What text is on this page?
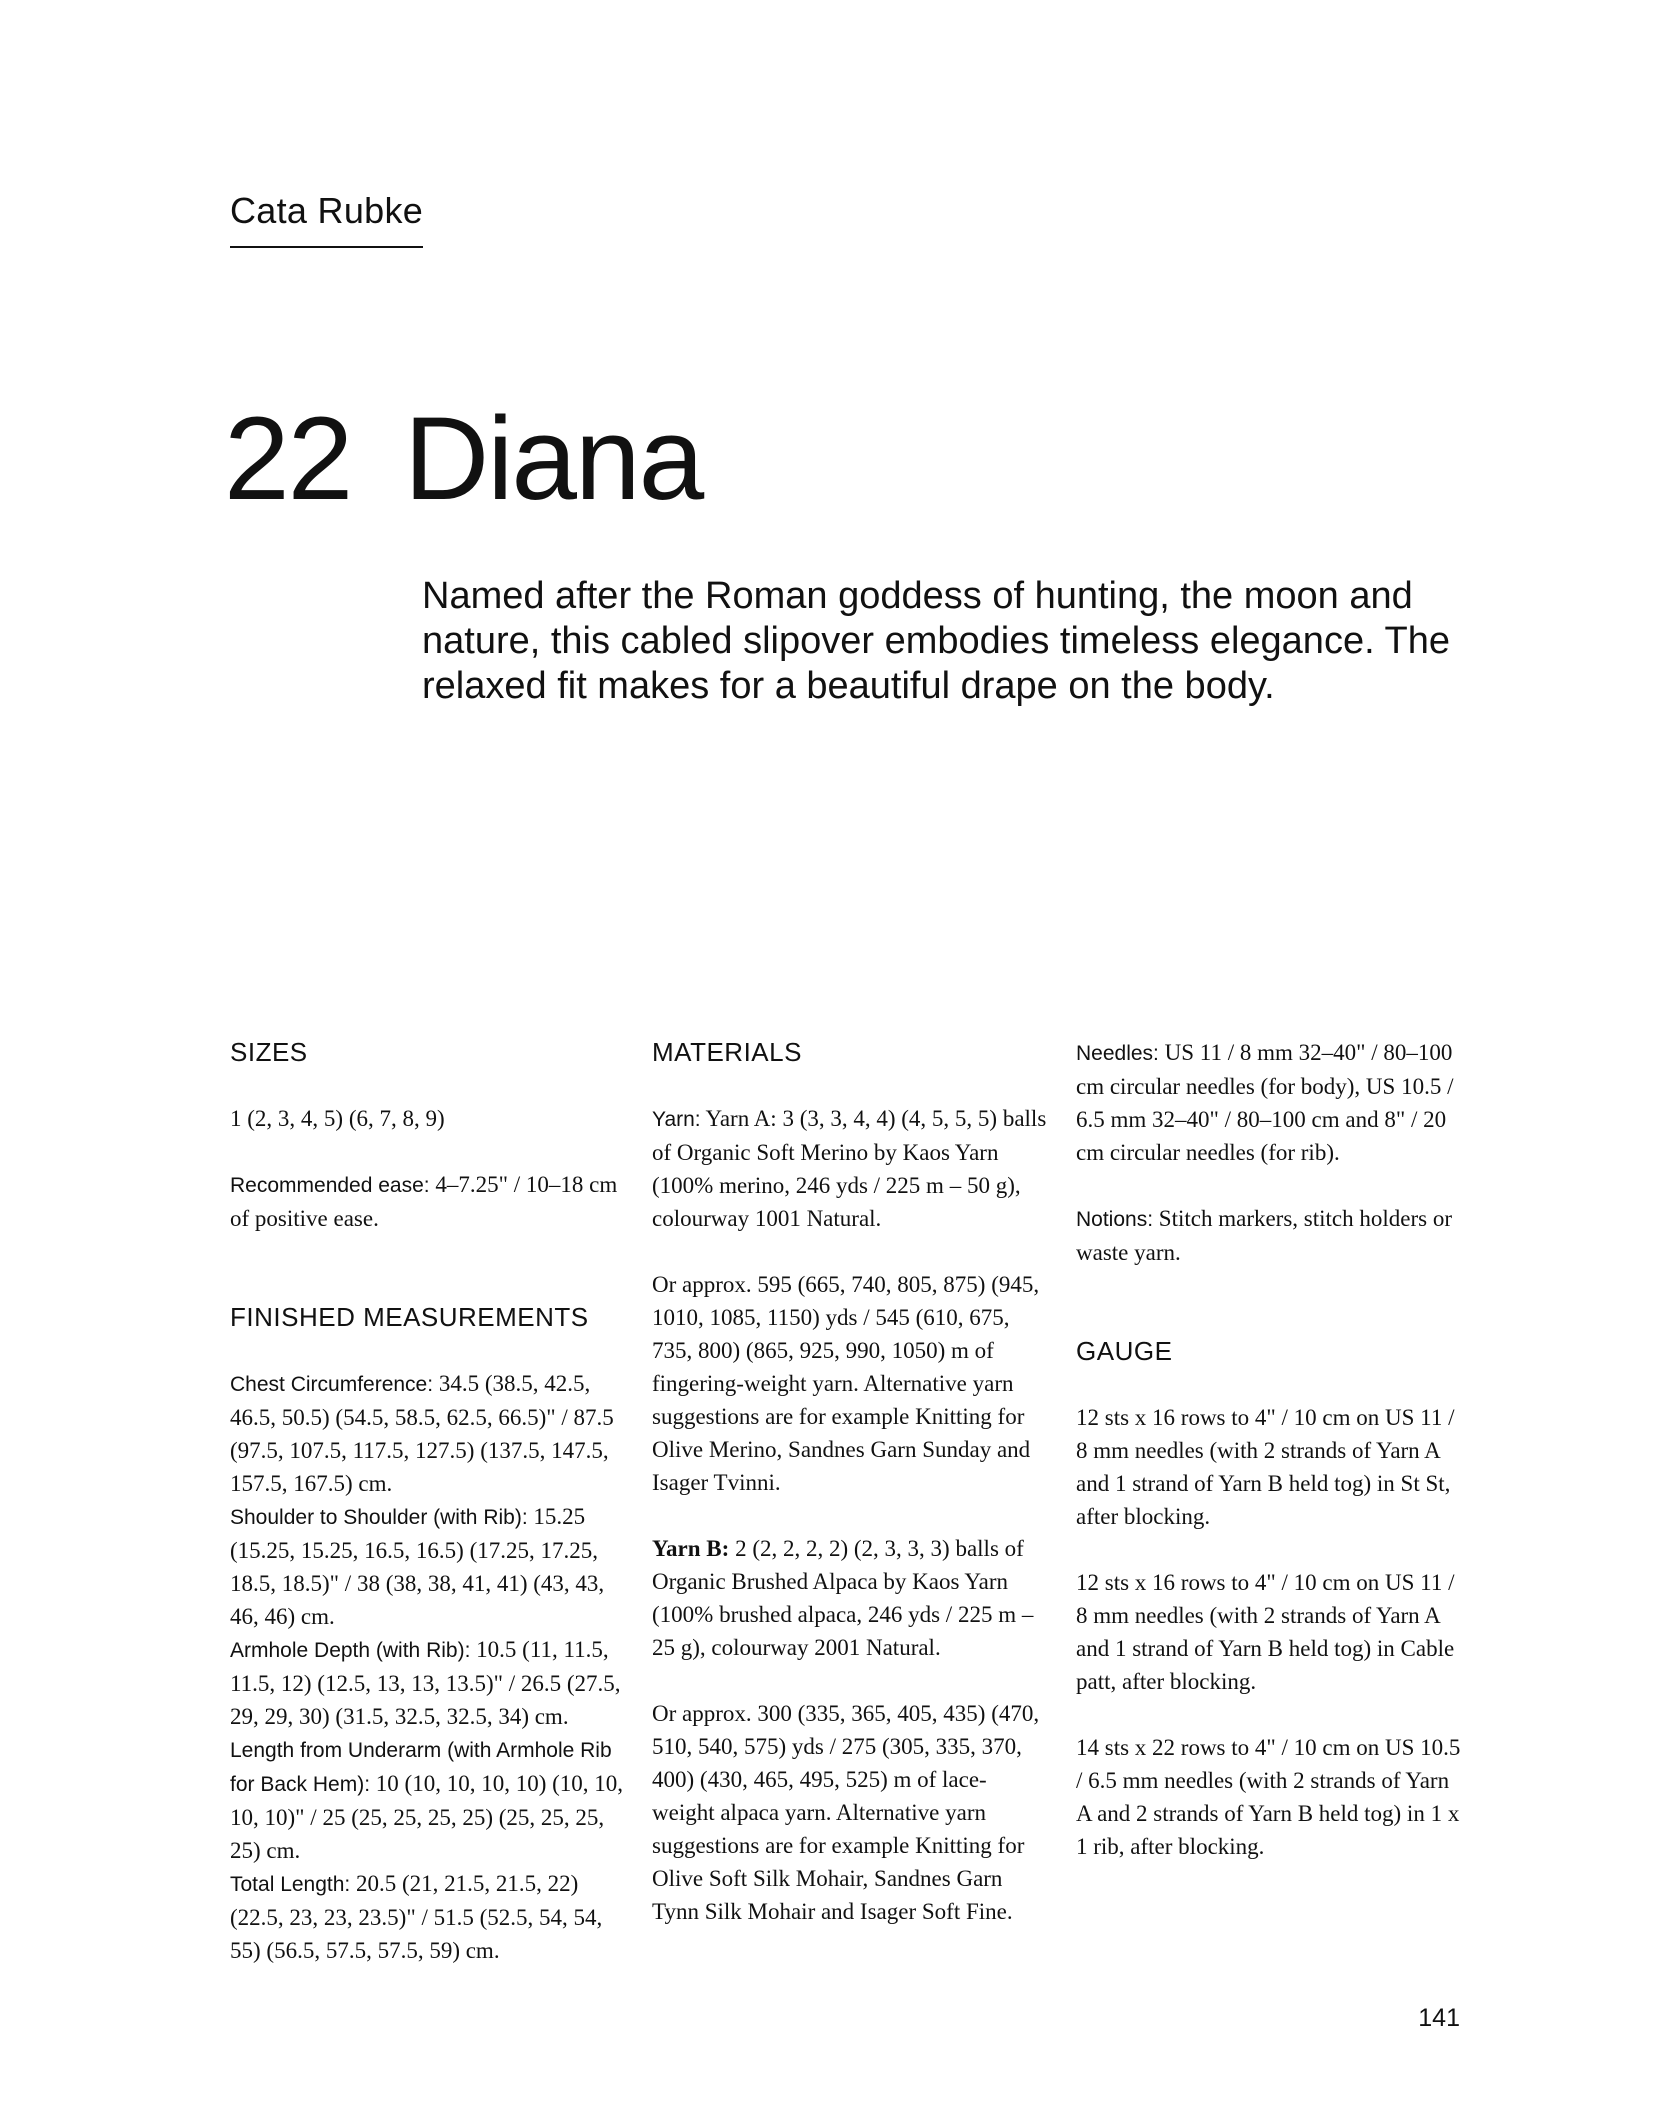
Cata Rubke
22 Diana

Named after the Roman goddess of hunting, the moon and nature, this cabled slipover embodies timeless elegance. The relaxed fit makes for a beautiful drape on the body.

SIZES

1 (2, 3, 4, 5) (6, 7, 8, 9)

Recommended ease: 4–7.25" / 10–18 cm of positive ease.

FINISHED MEASUREMENTS

Chest Circumference: 34.5 (38.5, 42.5, 46.5, 50.5) (54.5, 58.5, 62.5, 66.5)" / 87.5 (97.5, 107.5, 117.5, 127.5) (137.5, 147.5, 157.5, 167.5) cm.

Shoulder to Shoulder (with Rib): 15.25 (15.25, 15.25, 16.5, 16.5) (17.25, 17.25, 18.5, 18.5)" / 38 (38, 38, 41, 41) (43, 43, 46, 46) cm.

Armhole Depth (with Rib): 10.5 (11, 11.5, 11.5, 12) (12.5, 13, 13, 13.5)" / 26.5 (27.5, 29, 29, 30) (31.5, 32.5, 32.5, 34) cm.

Length from Underarm (with Armhole Rib for Back Hem): 10 (10, 10, 10, 10) (10, 10, 10, 10)" / 25 (25, 25, 25, 25) (25, 25, 25, 25) cm.

Total Length: 20.5 (21, 21.5, 21.5, 22) (22.5, 23, 23, 23.5)" / 51.5 (52.5, 54, 54, 55) (56.5, 57.5, 57.5, 59) cm.

MATERIALS

Yarn: Yarn A: 3 (3, 3, 4, 4) (4, 5, 5, 5) balls of Organic Soft Merino by Kaos Yarn (100% merino, 246 yds / 225 m – 50 g), colourway 1001 Natural.

Or approx. 595 (665, 740, 805, 875) (945, 1010, 1085, 1150) yds / 545 (610, 675, 735, 800) (865, 925, 990, 1050) m of fingering-weight yarn. Alternative yarn suggestions are for example Knitting for Olive Merino, Sandnes Garn Sunday and Isager Tvinni.

Yarn B: 2 (2, 2, 2, 2) (2, 3, 3, 3) balls of Organic Brushed Alpaca by Kaos Yarn (100% brushed alpaca, 246 yds / 225 m – 25 g), colourway 2001 Natural.

Or approx. 300 (335, 365, 405, 435) (470, 510, 540, 575) yds / 275 (305, 335, 370, 400) (430, 465, 495, 525) m of lace-weight alpaca yarn. Alternative yarn suggestions are for example Knitting for Olive Soft Silk Mohair, Sandnes Garn Tynn Silk Mohair and Isager Soft Fine.

Needles: US 11 / 8 mm 32–40" / 80–100 cm circular needles (for body), US 10.5 / 6.5 mm 32–40" / 80–100 cm and 8" / 20 cm circular needles (for rib).

Notions: Stitch markers, stitch holders or waste yarn.

GAUGE

12 sts x 16 rows to 4" / 10 cm on US 11 / 8 mm needles (with 2 strands of Yarn A and 1 strand of Yarn B held tog) in St St, after blocking.

12 sts x 16 rows to 4" / 10 cm on US 11 / 8 mm needles (with 2 strands of Yarn A and 1 strand of Yarn B held tog) in Cable patt, after blocking.

14 sts x 22 rows to 4" / 10 cm on US 10.5 / 6.5 mm needles (with 2 strands of Yarn A and 2 strands of Yarn B held tog) in 1 x 1 rib, after blocking.

141
